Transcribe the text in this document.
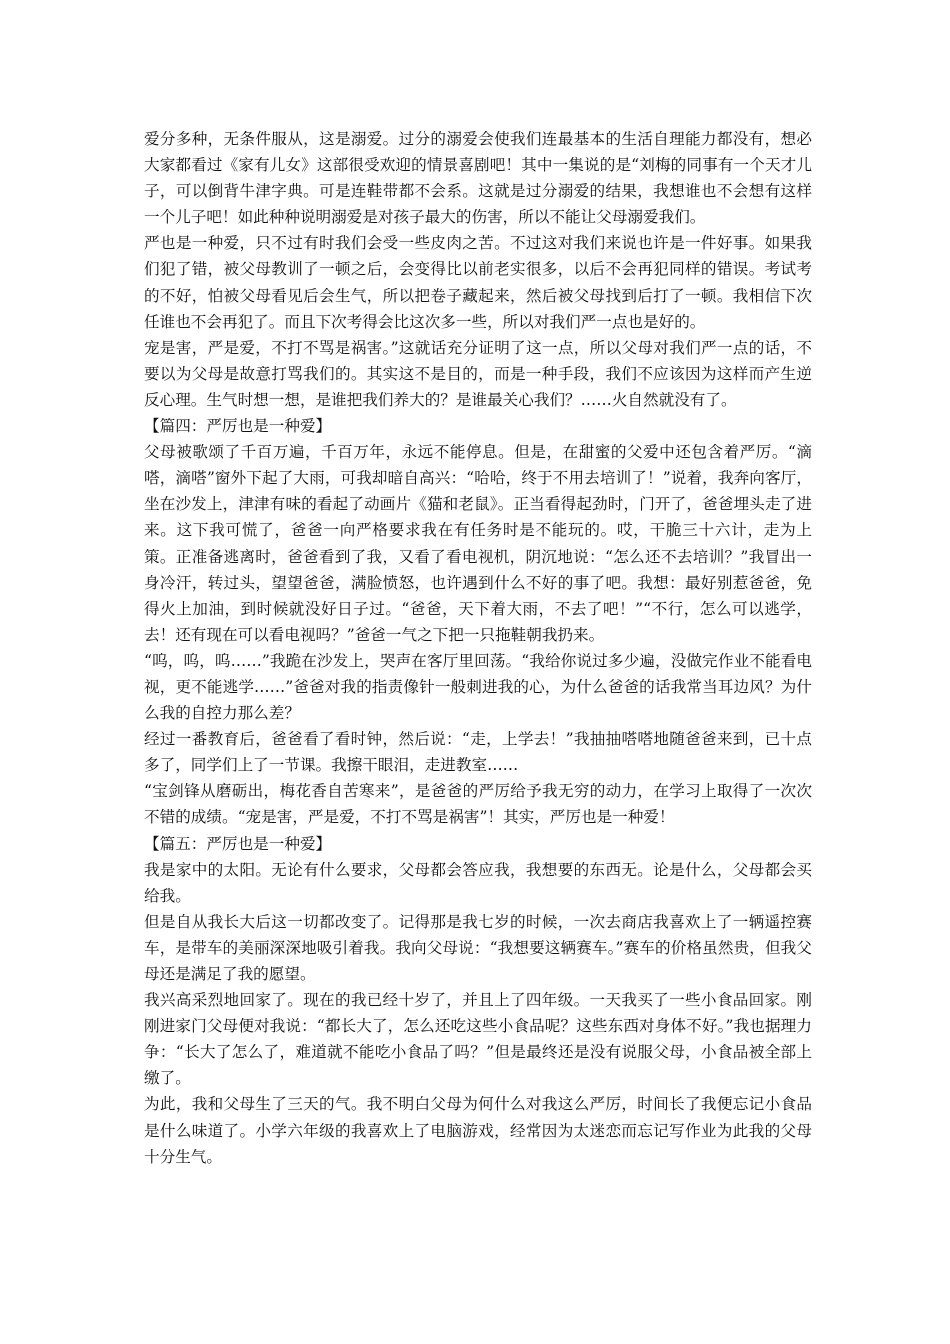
爱分多种，无条件服从，这是溺爱。过分的溺爱会使我们连最基本的生活自理能力都没有，想必大家都看过《家有儿女》这部很受欢迎的情景喜剧吧！其中一集说的是“刘梅的同事有一个天才儿子，可以倒背牛津字典。可是连鞋带都不会系。这就是过分溺爱的结果，我想谁也不会想有这样一个儿子吧！如此种种说明溺爱是对孩子最大的伤害，所以不能让父母溺爱我们。

严也是一种爱，只不过有时我们会受一些皮肉之苦。不过这对我们来说也许是一件好事。如果我们犯了错，被父母教训了一顿之后，会变得比以前老实很多，以后不会再犯同样的错误。考试考的不好，怕被父母看见后会生气，所以把卷子藏起来，然后被父母找到后打了一顿。我相信下次任谁也不会再犯了。而且下次考得会比这次多一些，所以对我们严一点也是好的。

宠是害，严是爱，不打不骂是祸害。”这就话充分证明了这一点，所以父母对我们严一点的话，不要以为父母是故意打骂我们的。其实这不是目的，而是一种手段，我们不应该因为这样而产生逆反心理。生气时想一想，是谁把我们养大的？是谁最关心我们？……火自然就没有了。

【篇四：严厉也是一种爱】

父母被歌颂了千百万遍，千百万年，永远不能停息。但是，在甜蜜的父爱中还包含着严厉。“滴嗒，滴嗒”窗外下起了大雨，可我却暗自高兴：“哈哈，终于不用去培训了！”说着，我奔向客厅，坐在沙发上，津津有味的看起了动画片《猫和老鼠》。正当看得起劲时，门开了，爸爸埋头走了进来。这下我可慌了，爸爸一向严格要求我在有任务时是不能玩的。哎，干脆三十六计，走为上策。正准备逃离时，爸爸看到了我，又看了看电视机，阴沉地说：“怎么还不去培训？”我冒出一身冷汗，转过头，望望爸爸，满脸愤怒，也许遇到什么不好的事了吧。我想：最好别惹爸爸，免得火上加油，到时候就没好日子过。“爸爸，天下着大雨，不去了吧！”“不行，怎么可以逃学，去！还有现在可以看电视吗？”爸爸一气之下把一只拖鞋朝我扔来。

“呜，呜，呜……”我跪在沙发上，哭声在客厅里回荡。“我给你说过多少遍，没做完作业不能看电视，更不能逃学……”爸爸对我的指责像针一般刺进我的心，为什么爸爸的话我常当耳边风？为什么我的自控力那么差？

经过一番教育后，爸爸看了看时钟，然后说：“走，上学去！”我抽抽嗒嗒地随爸爸来到，已十点多了，同学们上了一节课。我擦干眼泪，走进教室……

“宝剑锋从磨砺出，梅花香自苦寒来”，是爸爸的严厉给予我无穷的动力，在学习上取得了一次次不错的成绩。“宠是害，严是爱，不打不骂是祸害”！其实，严厉也是一种爱！

【篇五：严厉也是一种爱】

我是家中的太阳。无论有什么要求，父母都会答应我，我想要的东西无。论是什么，父母都会买给我。

但是自从我长大后这一切都改变了。记得那是我七岁的时候，一次去商店我喜欢上了一辆遥控赛车，是带车的美丽深深地吸引着我。我向父母说：“我想要这辆赛车。”赛车的价格虽然贵，但我父母还是满足了我的愿望。

我兴高采烈地回家了。现在的我已经十岁了，并且上了四年级。一天我买了一些小食品回家。刚刚进家门父母便对我说：“都长大了，怎么还吃这些小食品呢？这些东西对身体不好。”我也据理力争：“长大了怎么了，难道就不能吃小食品了吗？”但是最终还是没有说服父母，小食品被全部上缴了。

为此，我和父母生了三天的气。我不明白父母为何什么对我这么严厉，时间长了我便忘记小食品是什么味道了。小学六年级的我喜欢上了电脑游戏，经常因为太迷恋而忘记写作业为此我的父母十分生气。
